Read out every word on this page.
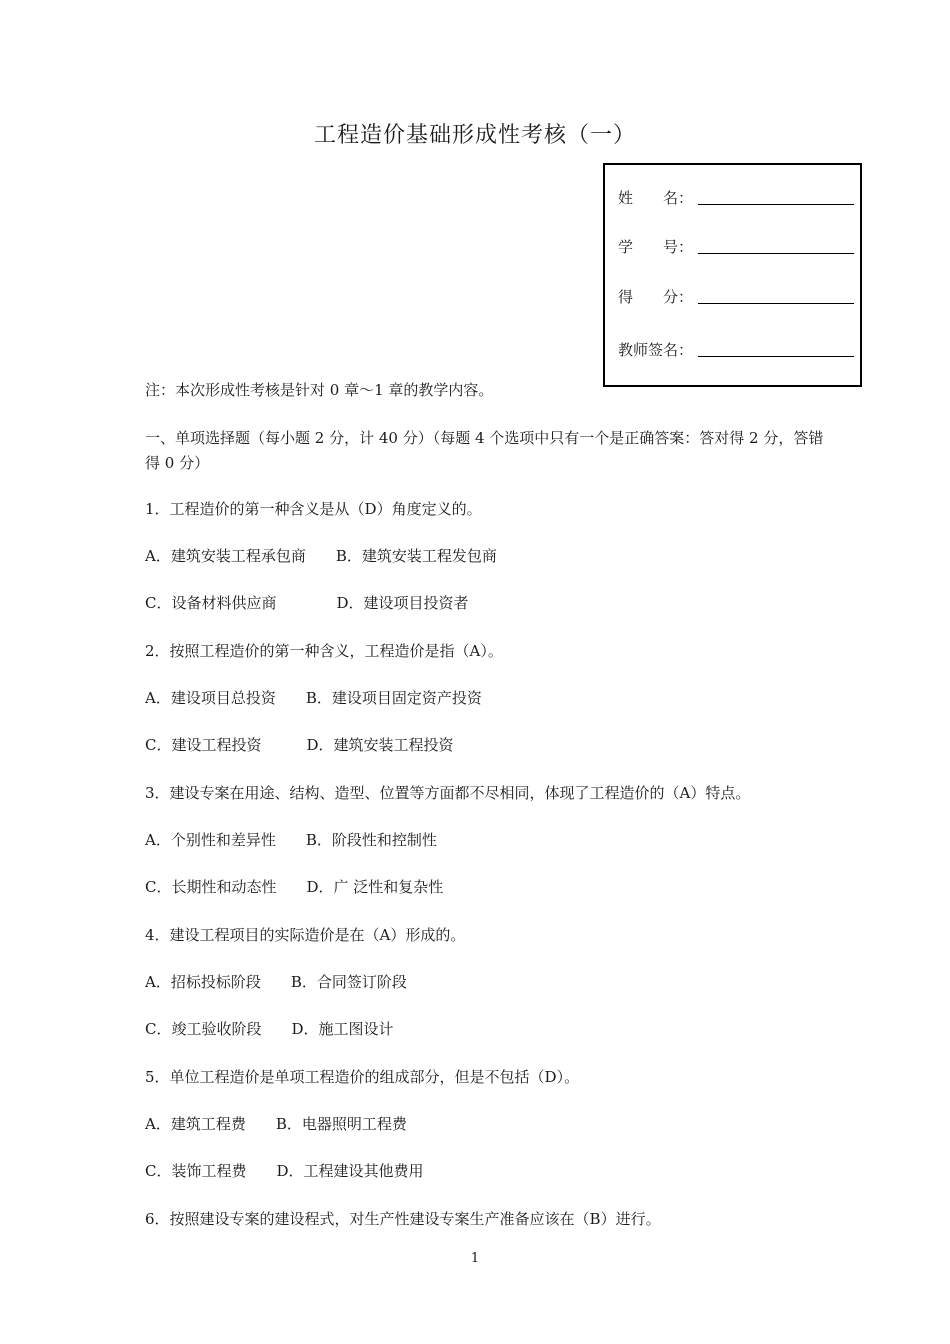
工程造价基础形成性考核（一）
姓　　名：
学　　号：
得　　分：
教师签名：
注：本次形成性考核是针对 0 章～1 章的教学内容。
一、单项选择题（每小题 2 分，计 40 分）（每题 4 个选项中只有一个是正确答案：答对得 2 分，答错得 0 分）
1．工程造价的第一种含义是从（D）角度定义的。
A．建筑安装工程承包商　　B．建筑安装工程发包商
C．设备材料供应商　　　　D．建设项目投资者
2．按照工程造价的第一种含义，工程造价是指（A）。
A．建设项目总投资　　B．建设项目固定资产投资
C．建设工程投资　　　D．建筑安装工程投资
3．建设专案在用途、结构、造型、位置等方面都不尽相同，体现了工程造价的（A）特点。
A．个别性和差异性　　B．阶段性和控制性
C．长期性和动态性　　D．广 泛性和复杂性
4．建设工程项目的实际造价是在（A）形成的。
A．招标投标阶段　　B．合同签订阶段
C．竣工验收阶段　　D．施工图设计
5．单位工程造价是单项工程造价的组成部分，但是不包括（D）。
A．建筑工程费　　B．电器照明工程费
C．装饰工程费　　D．工程建设其他费用
6．按照建设专案的建设程式，对生产性建设专案生产准备应该在（B）进行。
1
